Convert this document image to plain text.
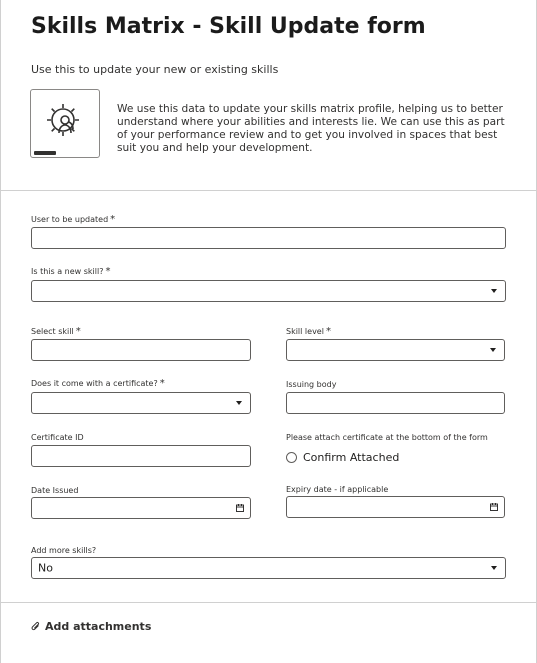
Skills Matrix - Skill Update form
Use this to update your new or existing skills
We use this data to update your skills matrix profile, helping us to better understand where your abilities and interests lie. We can use this as part of your performance review and to get you involved in spaces that best suit you and help your development.
User to be updated *
Is this a new skill? *
Select skill *	Skill level *
Does it come with a certificate? *	Issuing body
Certificate ID	Please attach certificate at the bottom of the form
Confirm Attached
Date Issued	Expiry date - if applicable
Add more skills?
No
Add attachments
